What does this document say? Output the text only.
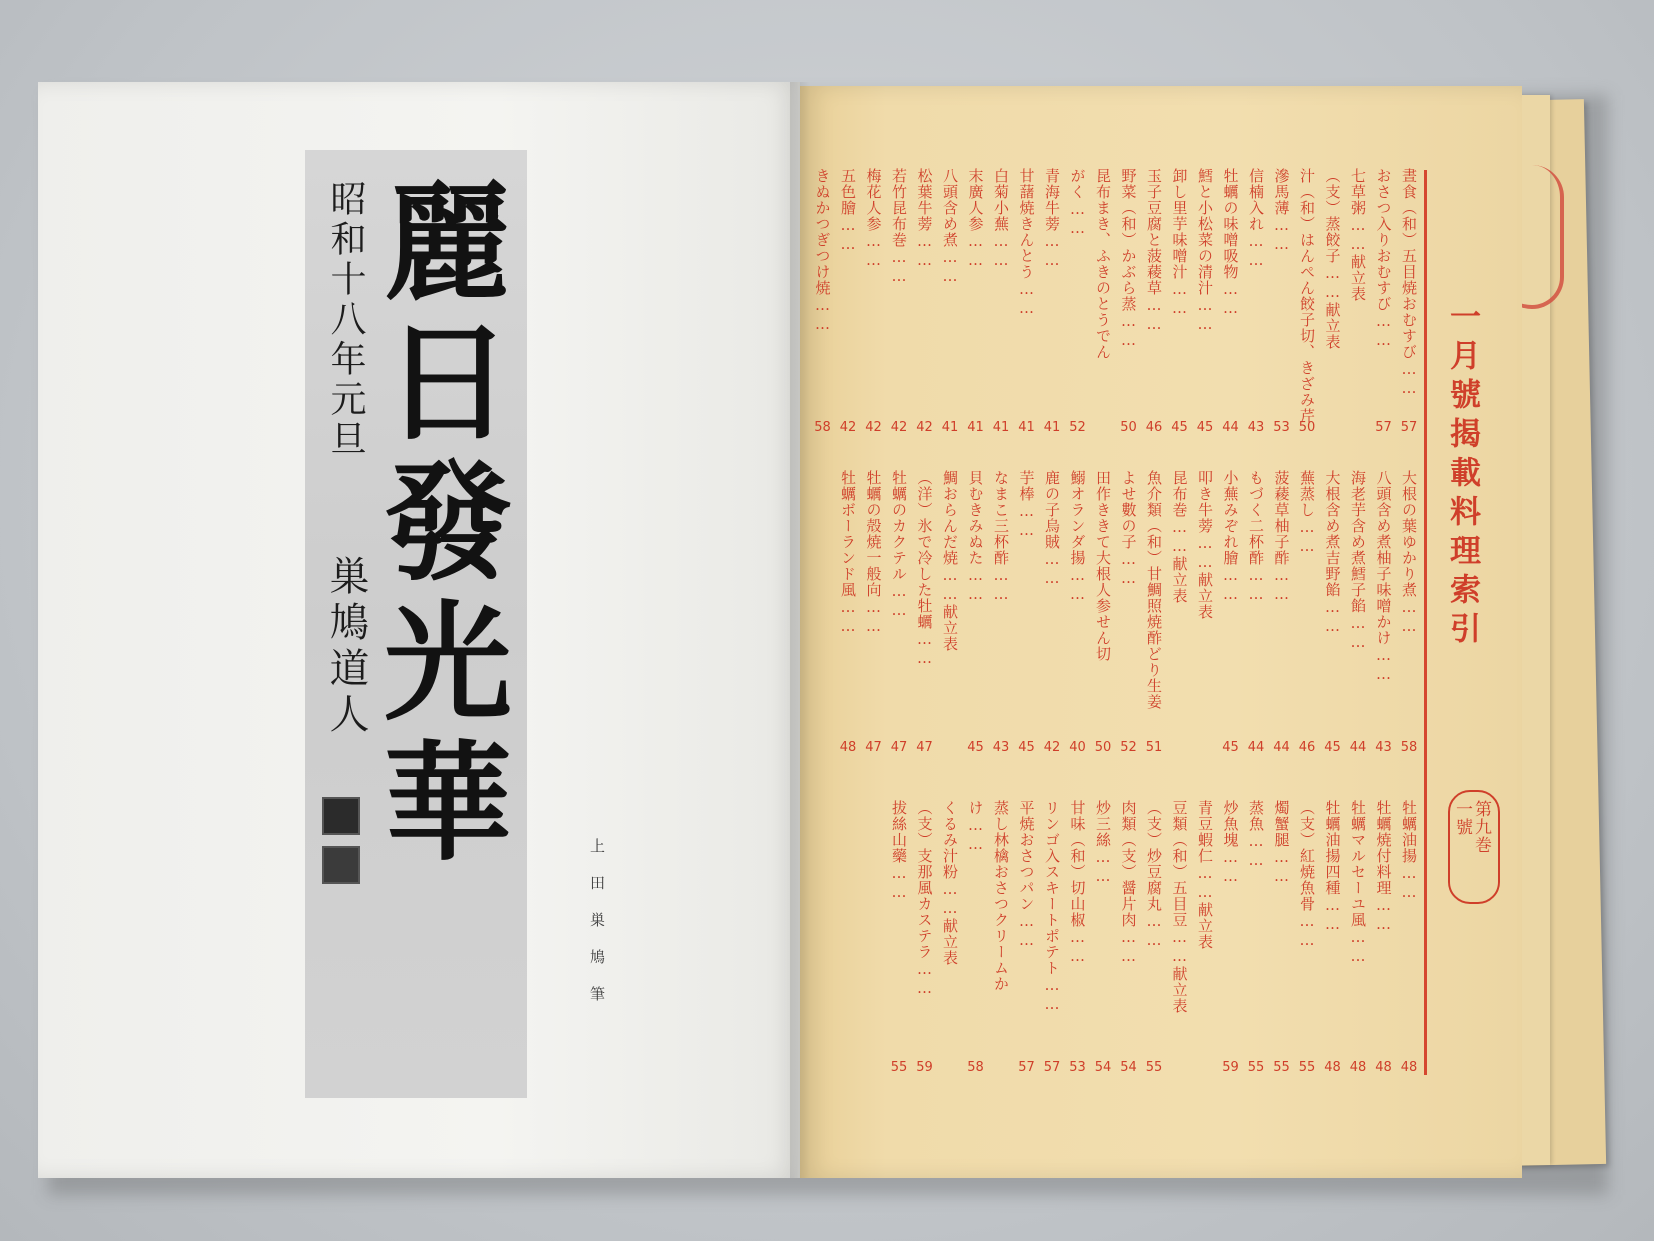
麗日發光華
昭和十八年元旦
巣鳩道人
上田巣鳩筆
一月號揭載料理索引
第九巻
一號
晝食（和）五目焼おむすび……
57
おさつ入りおむすび……
57
七草粥……献立表
（支）蒸餃子……献立表
汁（和）はんぺん餃子切、きざみ芹
50
滲馬薄……
53
信楠入れ……
43
牡蠣の味噌吸物……
44
鱈と小松菜の清汁……
45
卸し里芋味噌汁……
45
玉子豆腐と菠薐草……
46
野菜（和）かぶら蒸……
50
昆布まき、ふきのとうでん
がく……
52
青海牛蒡……
41
甘藷焼きんとう……
41
白菊小蕪……
41
末廣人参……
41
八頭含め煮……
41
松葉牛蒡……
42
若竹昆布巻……
42
梅花人参……
42
五色膾……
42
きぬかつぎつけ焼……
58
大根の葉ゆかり煮……
58
八頭含め煮柚子味噌かけ……
43
海老芋含め煮鱈子餡……
44
大根含め煮吉野餡……
45
蕪蒸し……
46
菠薐草柚子酢……
44
もづく二杯酢……
44
小蕪みぞれ膾……
45
叩き牛蒡……献立表
昆布巻……献立表
魚介類（和）甘鯛照焼酢どり生姜
51
よせ數の子……
52
田作ききて大根人参せん切
50
鰯オランダ揚……
40
鹿の子烏賊……
42
芋棒……
45
なまこ三杯酢……
43
貝むきみぬた……
45
鯛おらんだ焼……献立表
（洋）氷で冷した牡蠣……
47
牡蠣のカクテル……
47
牡蠣の殻焼一般向……
47
牡蠣ボーランド風……
48
牡蠣油揚……
48
牡蠣焼付料理……
48
牡蠣マルセーユ風……
48
牡蠣油揚四種……
48
（支）紅焼魚骨……
55
燭蟹腿……
55
蒸魚……
55
炒魚塊……
59
青豆蝦仁……献立表
豆類（和）五目豆……献立表
（支）炒豆腐丸……
55
肉類（支）醤片肉……
54
炒三絲……
54
甘味（和）切山椒……
53
リンゴ入スキートポテト……
57
平焼おさつパン……
57
蒸し林檎おさつクリームか
け……
58
くるみ汁粉……献立表
（支）支那風カステラ……
59
拔絲山藥……
55
